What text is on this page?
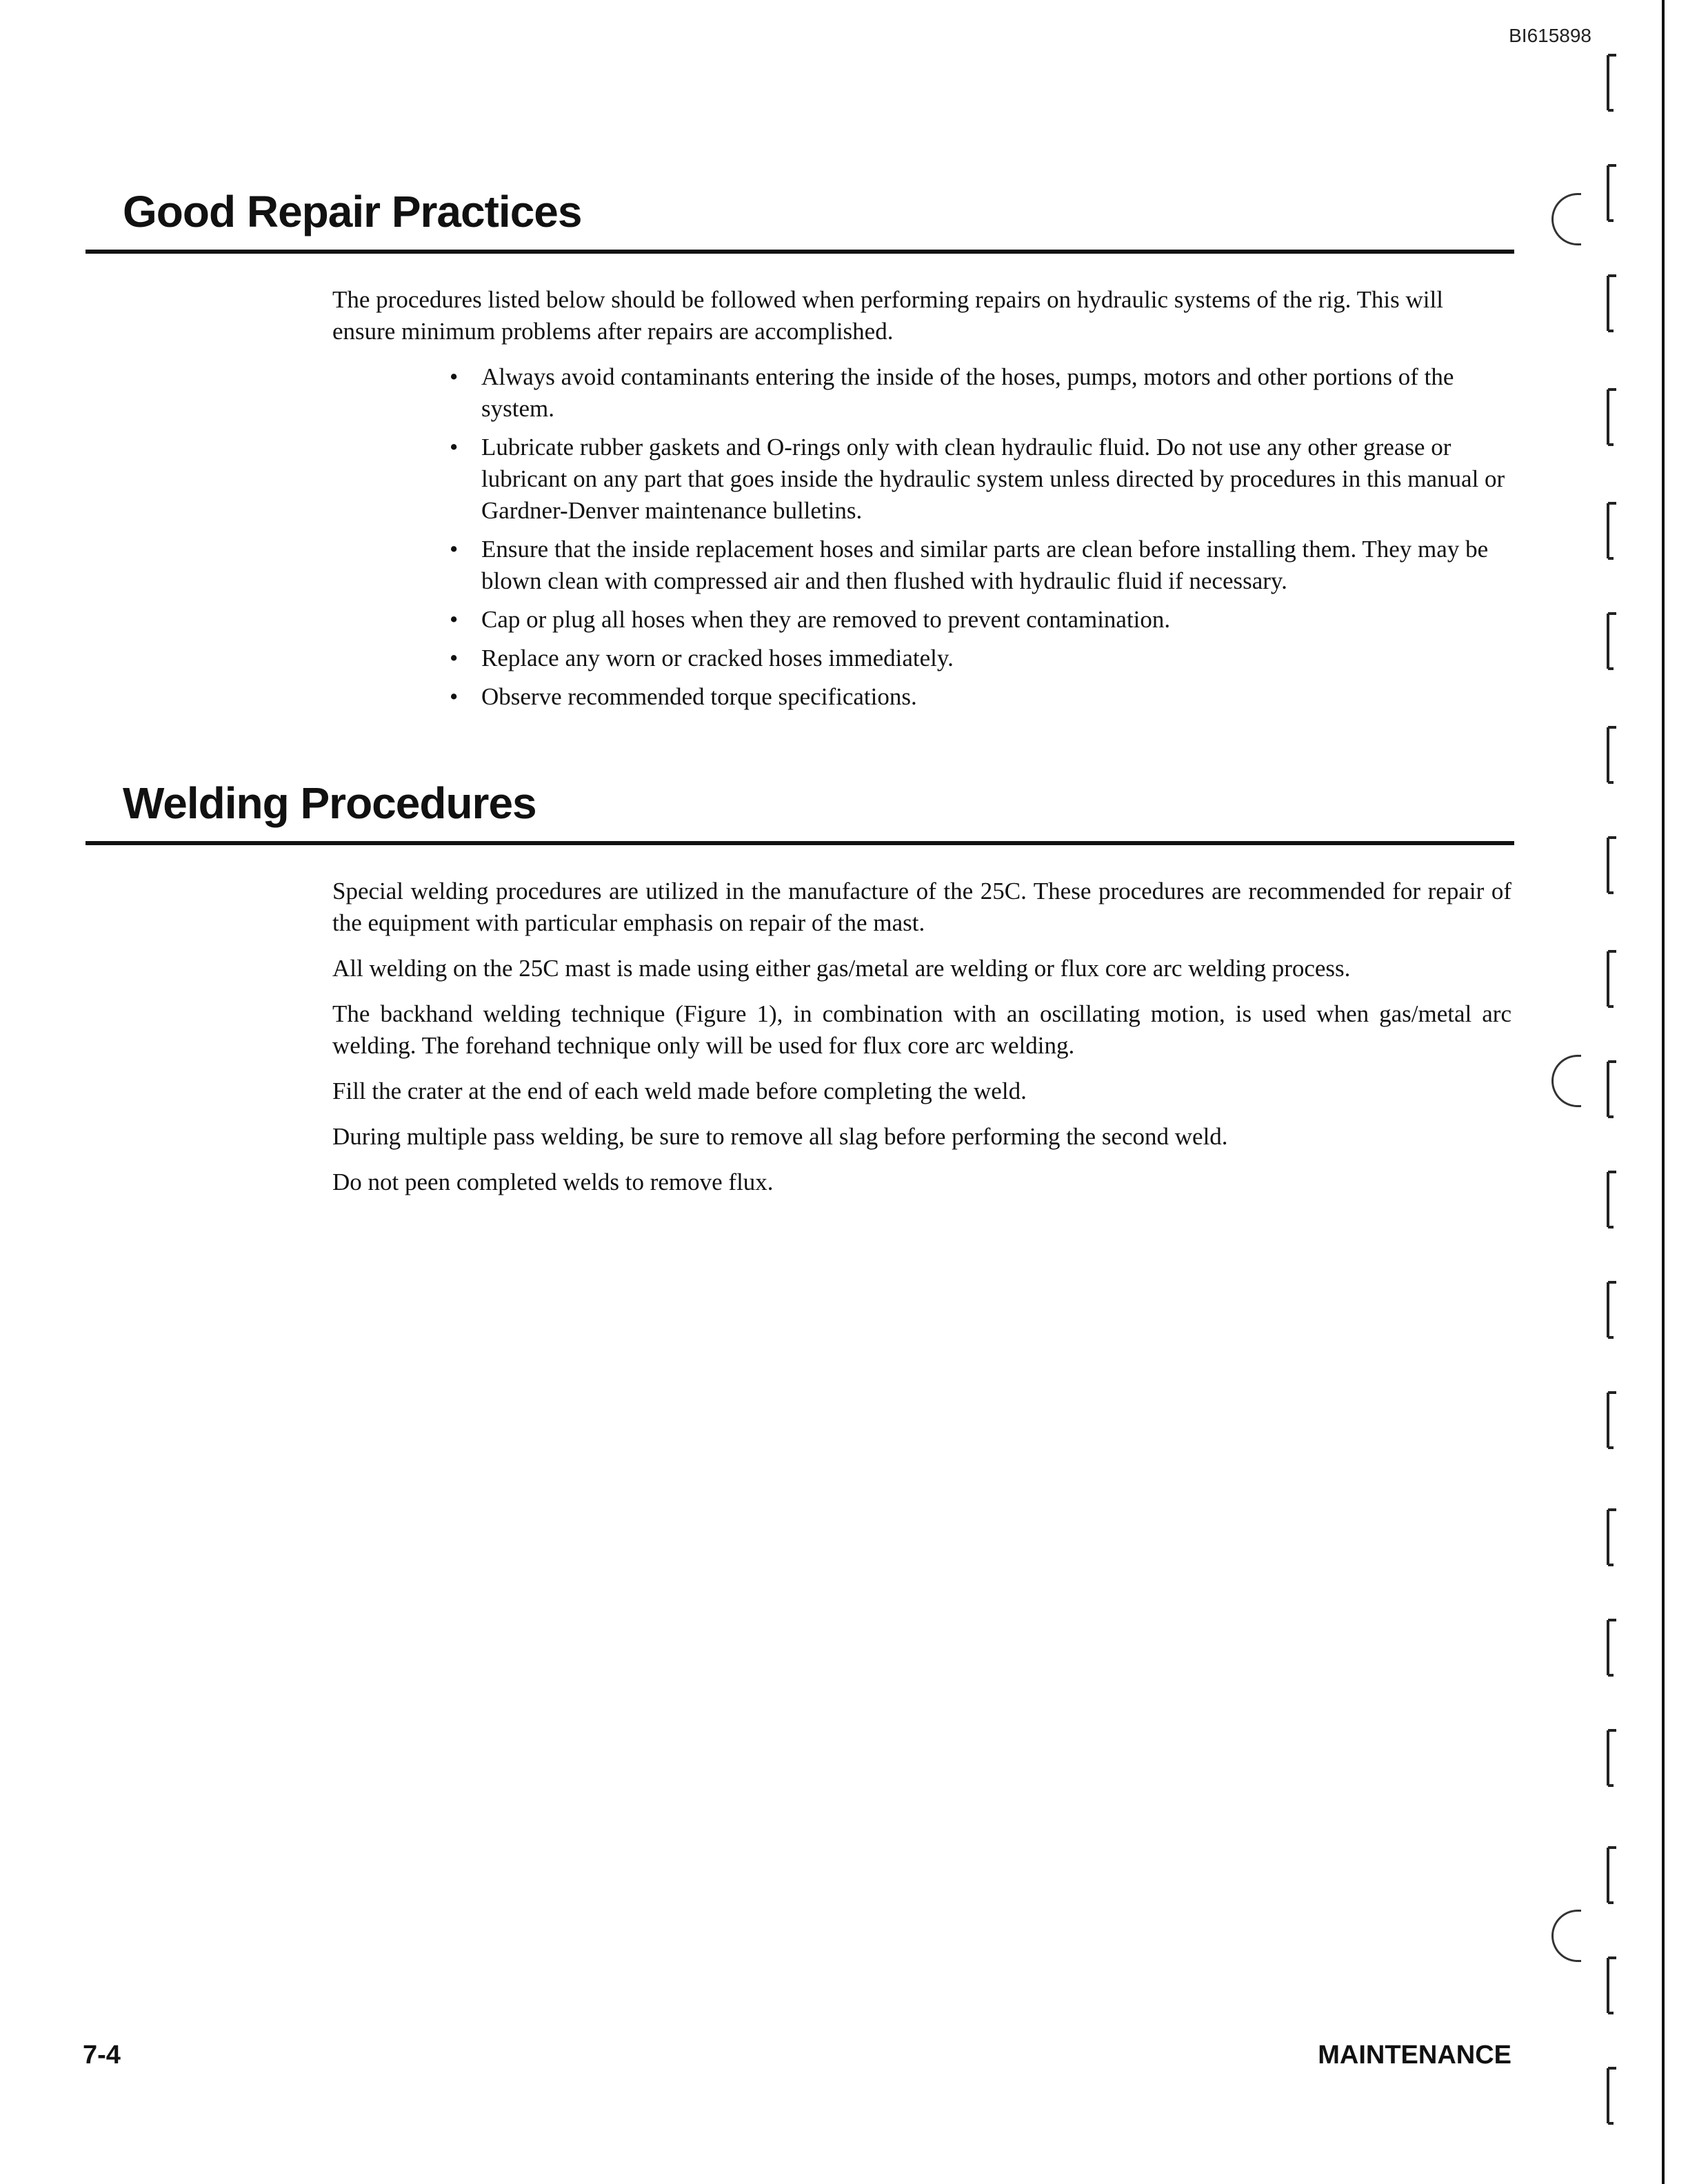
BI615898
Good Repair Practices

The procedures listed below should be followed when performing repairs on hydraulic systems of the rig. This will ensure minimum problems after repairs are accomplished.

• Always avoid contaminants entering the inside of the hoses, pumps, motors and other portions of the system.
• Lubricate rubber gaskets and O-rings only with clean hydraulic fluid. Do not use any other grease or lubricant on any part that goes inside the hydraulic system unless directed by procedures in this manual or Gardner-Denver maintenance bulletins.
• Ensure that the inside replacement hoses and similar parts are clean before installing them. They may be blown clean with compressed air and then flushed with hydraulic fluid if necessary.
• Cap or plug all hoses when they are removed to prevent contamination.
• Replace any worn or cracked hoses immediately.
• Observe recommended torque specifications.
Welding Procedures

Special welding procedures are utilized in the manufacture of the 25C. These procedures are recommended for repair of the equipment with particular emphasis on repair of the mast.

All welding on the 25C mast is made using either gas/metal are welding or flux core arc welding process.

The backhand welding technique (Figure 1), in combination with an oscillating motion, is used when gas/metal arc welding. The forehand technique only will be used for flux core arc welding.

Fill the crater at the end of each weld made before completing the weld.

During multiple pass welding, be sure to remove all slag before performing the second weld.

Do not peen completed welds to remove flux.

7-4	MAINTENANCE
